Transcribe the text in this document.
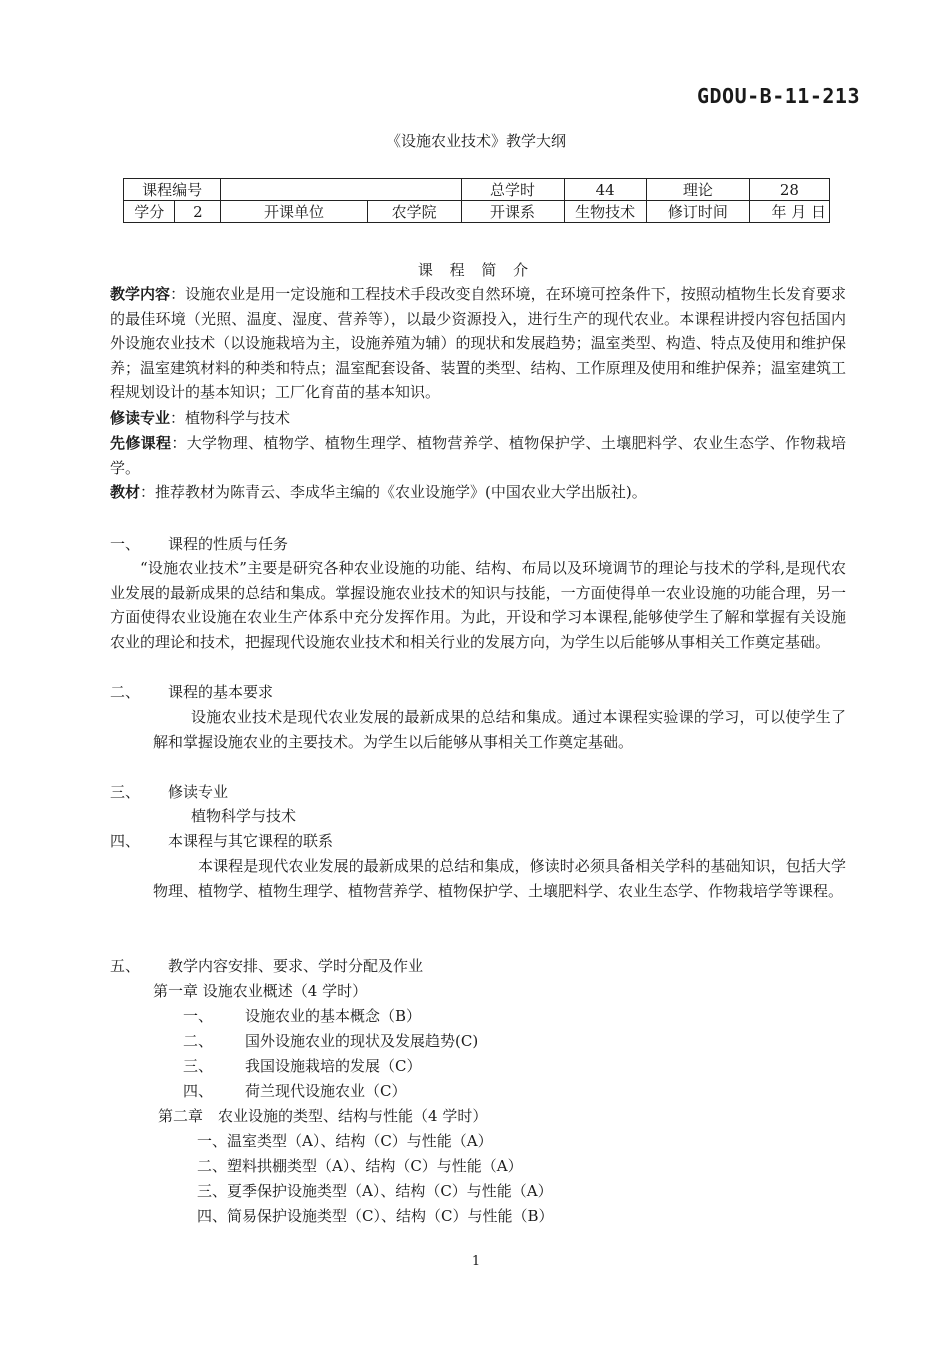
GDOU-B-11-213
《设施农业技术》教学大纲
课程编号				总学时	44	理论	28
学分	2	开课单位	农学院	开课系	生物技术	修订时间	年 月 日
课 程 简 介
教学内容：设施农业是用一定设施和工程技术手段改变自然环境，在环境可控条件下，按照动植物生长发育要求的最佳环境（光照、温度、湿度、营养等），以最少资源投入，进行生产的现代农业。本课程讲授内容包括国内外设施农业技术（以设施栽培为主，设施养殖为辅）的现状和发展趋势；温室类型、构造、特点及使用和维护保养；温室建筑材料的种类和特点；温室配套设备、装置的类型、结构、工作原理及使用和维护保养；温室建筑工程规划设计的基本知识；工厂化育苗的基本知识。
修读专业：植物科学与技术
先修课程：大学物理、植物学、植物生理学、植物营养学、植物保护学、土壤肥料学、农业生态学、作物栽培学。
教材：推荐教材为陈青云、李成华主编的《农业设施学》(中国农业大学出版社)。
一、 课程的性质与任务
“设施农业技术”主要是研究各种农业设施的功能、结构、布局以及环境调节的理论与技术的学科,是现代农业发展的最新成果的总结和集成。掌握设施农业技术的知识与技能，一方面使得单一农业设施的功能合理，另一方面使得农业设施在农业生产体系中充分发挥作用。为此，开设和学习本课程,能够使学生了解和掌握有关设施农业的理论和技术，把握现代设施农业技术和相关行业的发展方向，为学生以后能够从事相关工作奠定基础。
二、 课程的基本要求
设施农业技术是现代农业发展的最新成果的总结和集成。通过本课程实验课的学习，可以使学生了解和掌握设施农业的主要技术。为学生以后能够从事相关工作奠定基础。
三、 修读专业
植物科学与技术
四、 本课程与其它课程的联系
本课程是现代农业发展的最新成果的总结和集成，修读时必须具备相关学科的基础知识，包括大学物理、植物学、植物生理学、植物营养学、植物保护学、土壤肥料学、农业生态学、作物栽培学等课程。
五、 教学内容安排、要求、学时分配及作业
第一章 设施农业概述（4 学时）
一、 设施农业的基本概念（B）
二、 国外设施农业的现状及发展趋势(C)
三、 我国设施栽培的发展（C）
四、 荷兰现代设施农业（C）
第二章　农业设施的类型、结构与性能（4 学时）
一、温室类型（A）、结构（C）与性能（A）
二、塑料拱棚类型（A）、结构（C）与性能（A）
三、夏季保护设施类型（A）、结构（C）与性能（A）
四、简易保护设施类型（C）、结构（C）与性能（B）
1
